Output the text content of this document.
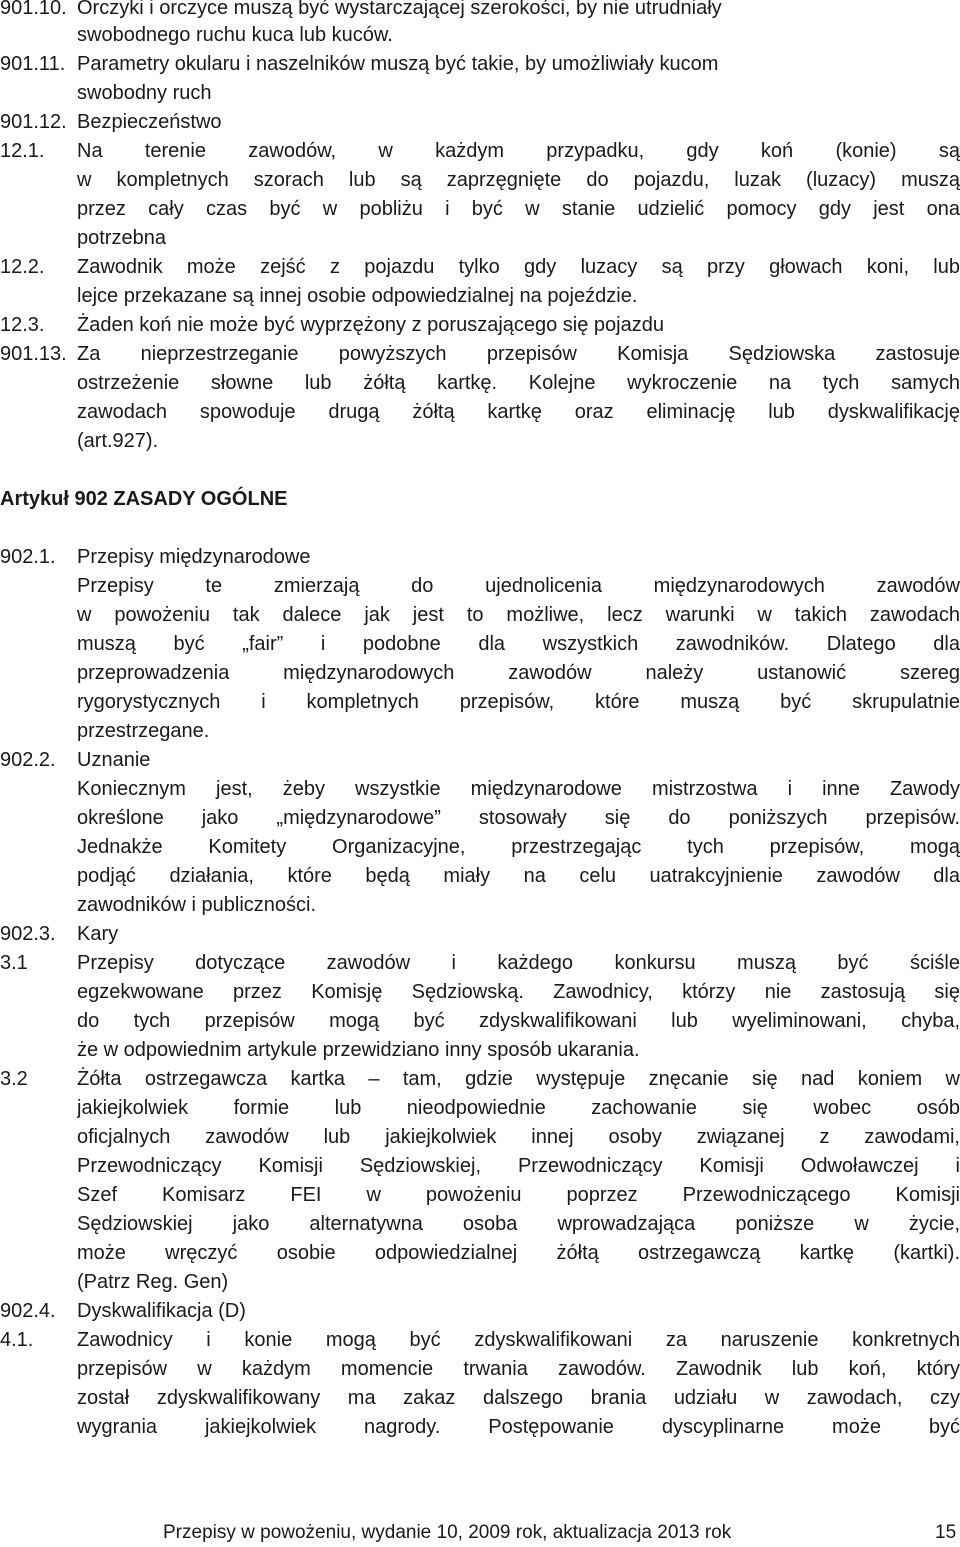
901.10. Orczyki i orczyce muszą być wystarczającej szerokości, by nie utrudniały
swobodnego ruchu kuca lub kuców.
901.11. Parametry okularu i naszelników muszą być takie, by umożliwiały kucom
swobodny ruch
901.12. Bezpieczeństwo
12.1. Na terenie zawodów, w każdym przypadku, gdy koń (konie) są
w kompletnych szorach lub są zaprzęgnięte do pojazdu, luzak (luzacy) muszą
przez cały czas być w pobliżu i być w stanie udzielić pomocy gdy jest ona
potrzebna
12.2. Zawodnik może zejść z pojazdu tylko gdy luzacy są przy głowach koni, lub
lejce przekazane są innej osobie odpowiedzialnej na pojeździe.
12.3. Żaden koń nie może być wyprzężony z poruszającego się pojazdu
901.13. Za nieprzestrzeganie powyższych przepisów Komisja Sędziowska zastosuje
ostrzeżenie słowne lub żółtą kartkę. Kolejne wykroczenie na tych samych
zawodach spowoduje drugą żółtą kartkę oraz eliminację lub dyskwalifikację
(art.927).
Artykuł 902 ZASADY OGÓLNE
902.1. Przepisy międzynarodowe
Przepisy te zmierzają do ujednolicenia międzynarodowych zawodów
w powożeniu tak dalece jak jest to możliwe, lecz warunki w takich zawodach
muszą być „fair” i podobne dla wszystkich zawodników. Dlatego dla
przeprowadzenia międzynarodowych zawodów należy ustanowić szereg
rygorystycznych i kompletnych przepisów, które muszą być skrupulatnie
przestrzegane.
902.2. Uznanie
Koniecznym jest, żeby wszystkie międzynarodowe mistrzostwa i inne Zawody
określone jako „międzynarodowe” stosowały się do poniższych przepisów.
Jednakże Komitety Organizacyjne, przestrzegając tych przepisów, mogą
podjąć działania, które będą miały na celu uatrakcyjnienie zawodów dla
zawodników i publiczności.
902.3. Kary
3.1 Przepisy dotyczące zawodów i każdego konkursu muszą być ściśle
egzekwowane przez Komisję Sędziowską. Zawodnicy, którzy nie zastosują się
do tych przepisów mogą być zdyskwalifikowani lub wyeliminowani, chyba,
że w odpowiednim artykule przewidziano inny sposób ukarania.
3.2 Żółta ostrzegawcza kartka – tam, gdzie występuje znęcanie się nad koniem w
jakiejkolwiek formie lub nieodpowiednie zachowanie się wobec osób
oficjalnych zawodów lub jakiejkolwiek innej osoby związanej z zawodami,
Przewodniczący Komisji Sędziowskiej, Przewodniczący Komisji Odwoławczej i
Szef Komisarz FEI w powożeniu poprzez Przewodniczącego Komisji
Sędziowskiej jako alternatywna osoba wprowadzająca poniższe w życie,
może wręczyć osobie odpowiedzialnej żółtą ostrzegawczą kartkę (kartki).
(Patrz Reg. Gen)
902.4. Dyskwalifikacja (D)
4.1. Zawodnicy i konie mogą być zdyskwalifikowani za naruszenie konkretnych
przepisów w każdym momencie trwania zawodów. Zawodnik lub koń, który
został zdyskwalifikowany ma zakaz dalszego brania udziału w zawodach, czy
wygrania jakiejkolwiek nagrody. Postępowanie dyscyplinarne może być
Przepisy w powożeniu, wydanie 10, 2009 rok, aktualizacja 2013 rok	15
